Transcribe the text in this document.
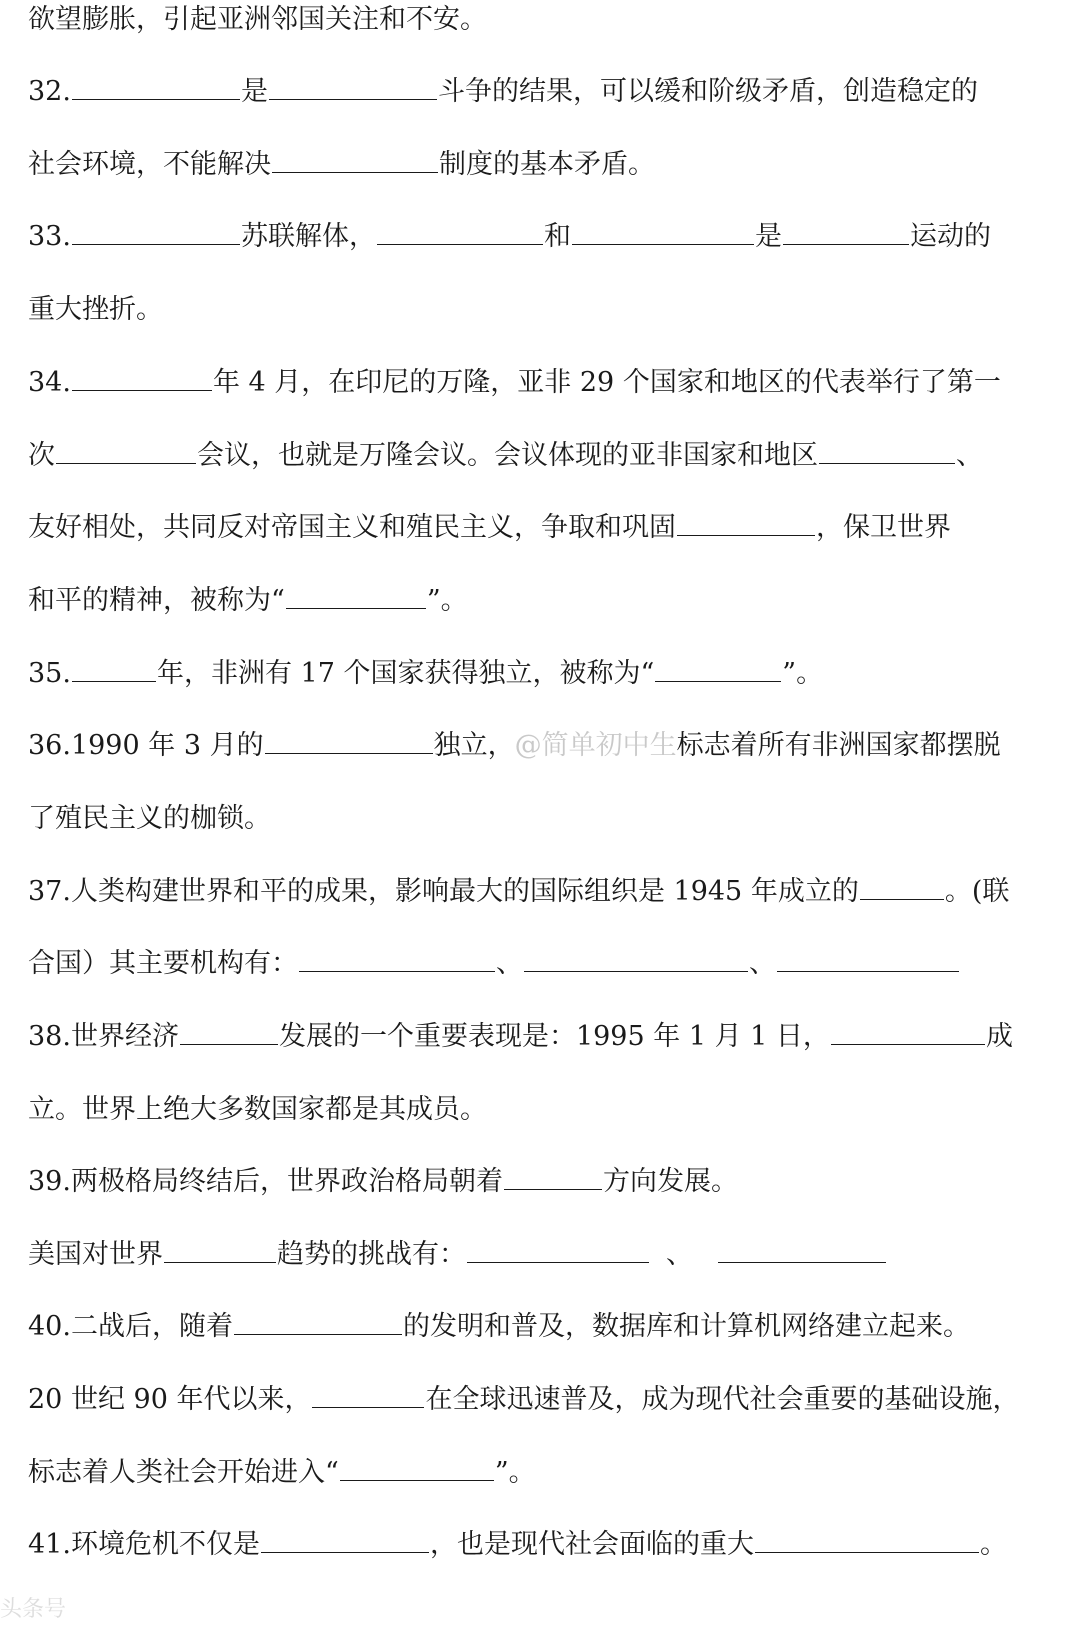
欲望膨胀，引起亚洲邻国关注和不安。
32.	是	斗争的结果，可以缓和阶级矛盾，创造稳定的
社会环境，不能解决	制度的基本矛盾。
33.	苏联解体，	和	是	运动的
重大挫折。
34.	年 4 月，在印尼的万隆，亚非 29 个国家和地区的代表举行了第一
次	会议，也就是万隆会议。会议体现的亚非国家和地区	、
友好相处，共同反对帝国主义和殖民主义，争取和巩固	，保卫世界
和平的精神，被称为“	”。
35.	年，非洲有 17 个国家获得独立，被称为“	”。
36.1990 年 3 月的	独立，@简单初中生标志着所有非洲国家都摆脱
了殖民主义的枷锁。
37.人类构建世界和平的成果，影响最大的国际组织是 1945 年成立的	。(联
合国）其主要机构有：	、	、
38.世界经济	发展的一个重要表现是：1995 年 1 月 1 日，	成
立。世界上绝大多数国家都是其成员。
39.两极格局终结后，世界政治格局朝着	方向发展。
美国对世界	趋势的挑战有：	、
40.二战后，随着	的发明和普及，数据库和计算机网络建立起来。
20 世纪 90 年代以来，	在全球迅速普及，成为现代社会重要的基础设施，
标志着人类社会开始进入“	”。
41.环境危机不仅是	，也是现代社会面临的重大	。
头条号
